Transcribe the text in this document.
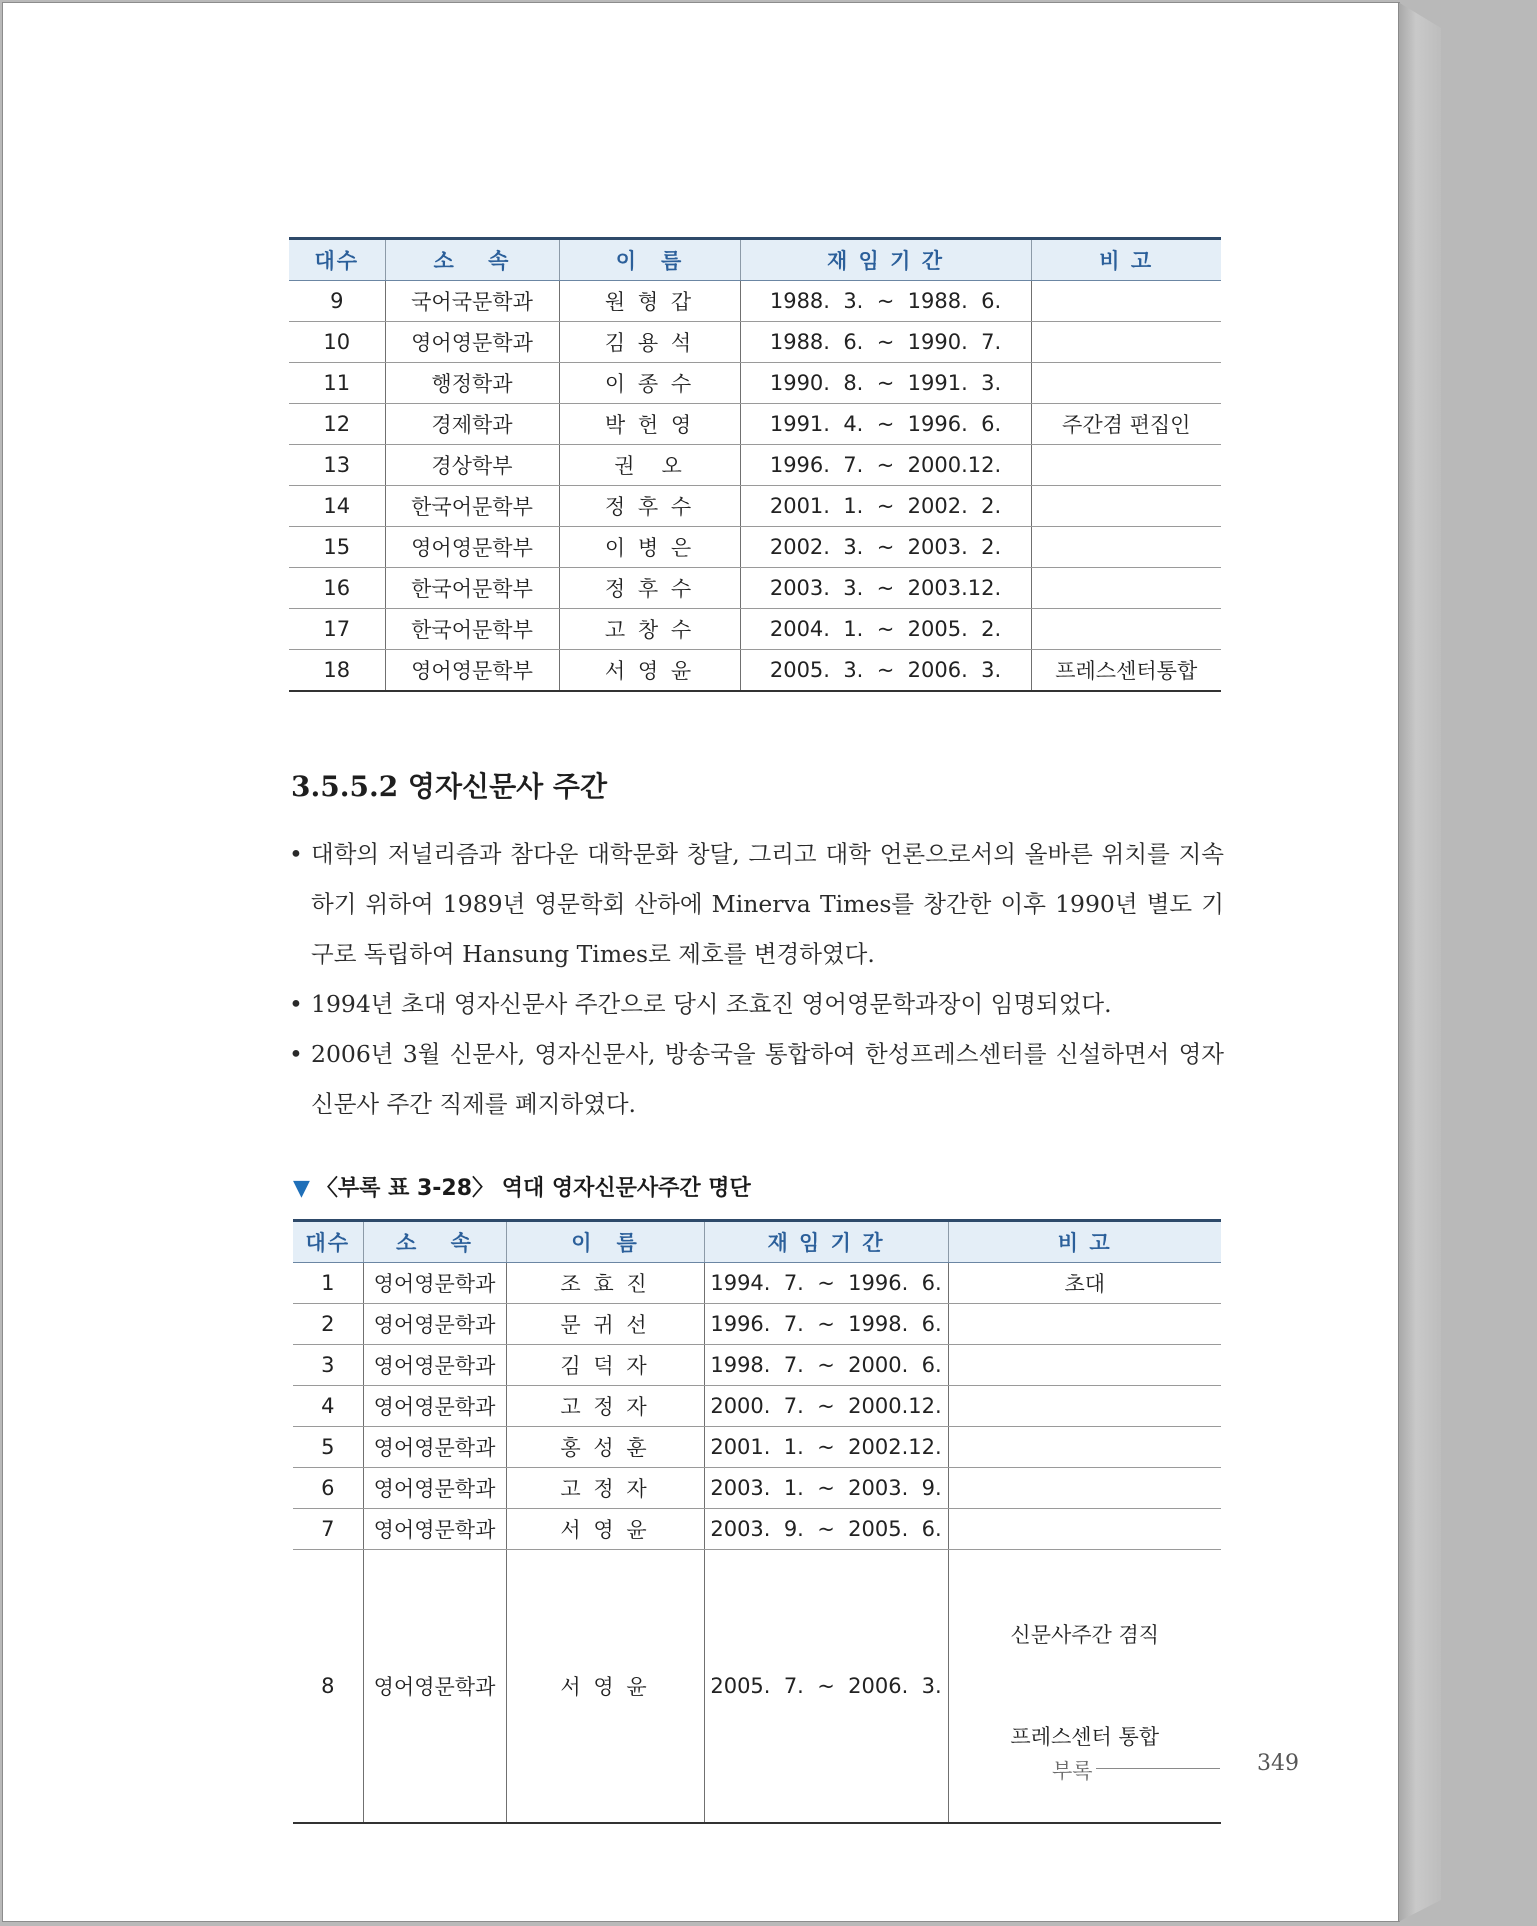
대수	소　 속	이　름	재 임 기 간	비 고
9	국어국문학과	원 형 갑	1988.  3.  ~  1988.  6.	
10	영어영문학과	김 용 석	1988.  6.  ~  1990.  7.	
11	행정학과	이 종 수	1990.  8.  ~  1991.  3.	
12	경제학과	박 헌 영	1991.  4.  ~  1996.  6.	주간겸 편집인
13	경상학부	권　오	1996.  7.  ~  2000.12.	
14	한국어문학부	정 후 수	2001.  1.  ~  2002.  2.	
15	영어영문학부	이 병 은	2002.  3.  ~  2003.  2.	
16	한국어문학부	정 후 수	2003.  3.  ~  2003.12.	
17	한국어문학부	고 창 수	2004.  1.  ~  2005.  2.	
18	영어영문학부	서 영 윤	2005.  3.  ~  2006.  3.	프레스센터통합
3.5.5.2 영자신문사 주간
• 대학의 저널리즘과 참다운 대학문화 창달, 그리고 대학 언론으로서의 올바른 위치를 지속하기 위하여 1989년 영문학회 산하에 Minerva Times를 창간한 이후 1990년 별도 기구로 독립하여 Hansung Times로 제호를 변경하였다.
• 1994년 초대 영자신문사 주간으로 당시 조효진 영어영문학과장이 임명되었다.
• 2006년 3월 신문사, 영자신문사, 방송국을 통합하여 한성프레스센터를 신설하면서 영자신문사 주간 직제를 폐지하였다.
▼ 〈부록 표 3-28〉 역대 영자신문사주간 명단
대수	소　 속	이　름	재 임 기 간	비 고
1	영어영문학과	조 효 진	1994.  7.  ~  1996.  6.	초대
2	영어영문학과	문 귀 선	1996.  7.  ~  1998.  6.	
3	영어영문학과	김 덕 자	1998.  7.  ~  2000.  6.	
4	영어영문학과	고 정 자	2000.  7.  ~  2000.12.	
5	영어영문학과	홍 성 훈	2001.  1.  ~  2002.12.	
6	영어영문학과	고 정 자	2003.  1.  ~  2003.  9.	
7	영어영문학과	서 영 윤	2003.  9.  ~  2005.  6.	
8	영어영문학과	서 영 윤	2005.  7.  ~  2006.  3.	신문사주간 겸직

프레스센터 통합

부록	349
